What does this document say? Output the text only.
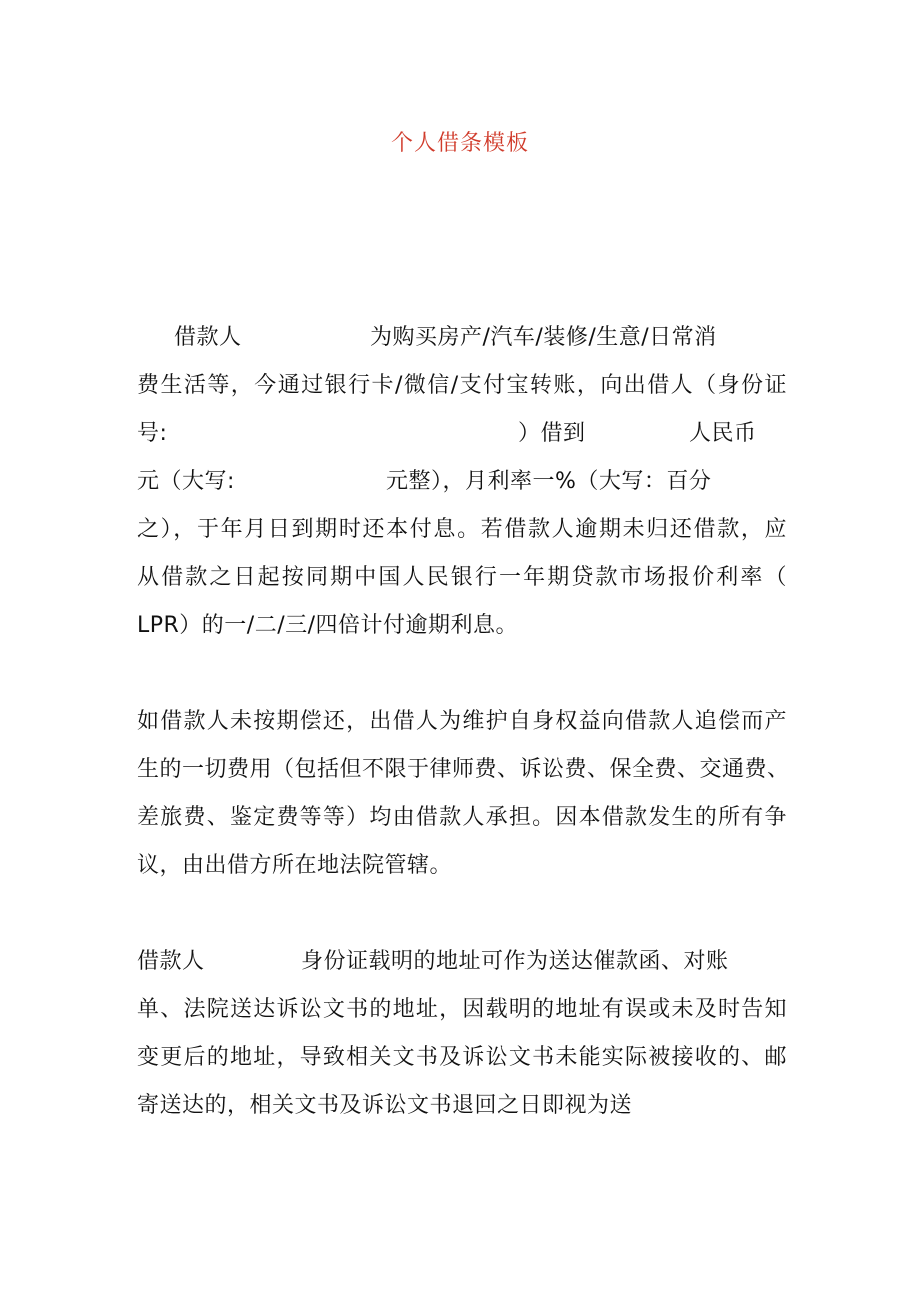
个人借条模板
借款人	为购买房产/汽车/装修/生意/日常消
费生活等，今通过银行卡/微信/支付宝转账，向出借人（身份证
号:	）借到	人民币
元（大写:	元整），月利率一%（大写：百分
之），于年月日到期时还本付息。若借款人逾期未归还借款，应
从借款之日起按同期中国人民银行一年期贷款市场报价利率（
LPR）的一/二/三/四倍计付逾期利息。
如借款人未按期偿还，出借人为维护自身权益向借款人追偿而产
生的一切费用（包括但不限于律师费、诉讼费、保全费、交通费、
差旅费、鉴定费等等）均由借款人承担。因本借款发生的所有争
议，由出借方所在地法院管辖。
借款人	身份证载明的地址可作为送达催款函、对账
单、法院送达诉讼文书的地址，因载明的地址有误或未及时告知
变更后的地址，导致相关文书及诉讼文书未能实际被接收的、邮
寄送达的，相关文书及诉讼文书退回之日即视为送
